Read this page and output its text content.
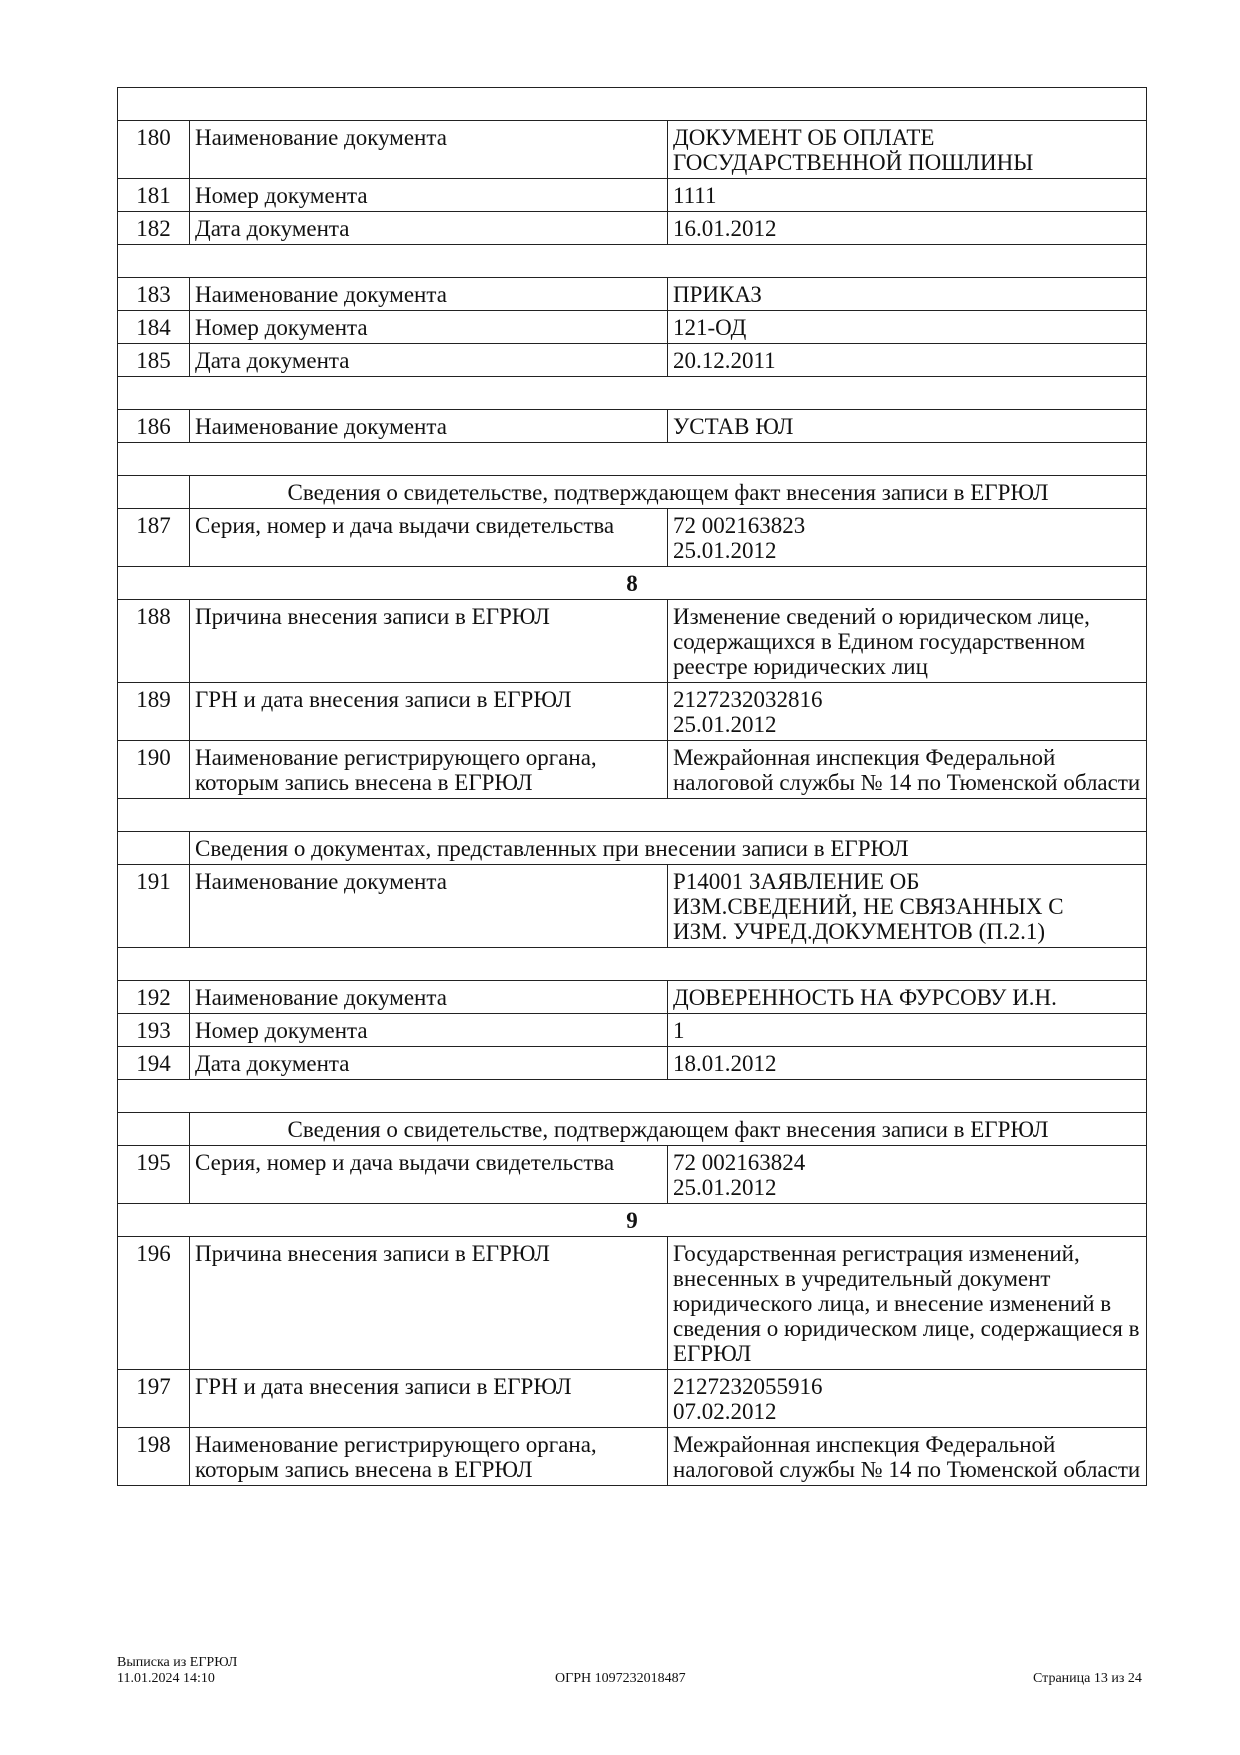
180	Наименование документа	ДОКУМЕНТ ОБ ОПЛАТЕ
ГОСУДАРСТВЕННОЙ ПОШЛИНЫ
181	Номер документа	1111
182	Дата документа	16.01.2012

183	Наименование документа	ПРИКАЗ
184	Номер документа	121-ОД
185	Дата документа	20.12.2011

186	Наименование документа	УСТАВ ЮЛ

	Сведения о свидетельстве, подтверждающем факт внесения записи в ЕГРЮЛ	
187	Серия, номер и дача выдачи свидетельства	72 002163823
25.01.2012
8		
188	Причина внесения записи в ЕГРЮЛ	Изменение сведений о юридическом лице, содержащихся в Едином государственном реестре юридических лиц
189	ГРН и дата внесения записи в ЕГРЮЛ	2127232032816
25.01.2012
190	Наименование регистрирующего органа, которым запись внесена в ЕГРЮЛ	Межрайонная инспекция Федеральной налоговой службы № 14 по Тюменской области

	Сведения о документах, представленных при внесении записи в ЕГРЮЛ	
191	Наименование документа	Р14001 ЗАЯВЛЕНИЕ ОБ
ИЗМ.СВЕДЕНИЙ, НЕ СВЯЗАННЫХ С
ИЗМ. УЧРЕД.ДОКУМЕНТОВ (П.2.1)

192	Наименование документа	ДОВЕРЕННОСТЬ НА ФУРСОВУ И.Н.
193	Номер документа	1
194	Дата документа	18.01.2012

	Сведения о свидетельстве, подтверждающем факт внесения записи в ЕГРЮЛ	
195	Серия, номер и дача выдачи свидетельства	72 002163824
25.01.2012
9		
196	Причина внесения записи в ЕГРЮЛ	Государственная регистрация изменений, внесенных в учредительный документ юридического лица, и внесение изменений в сведения о юридическом лице, содержащиеся в ЕГРЮЛ
197	ГРН и дата внесения записи в ЕГРЮЛ	2127232055916
07.02.2012
198	Наименование регистрирующего органа, которым запись внесена в ЕГРЮЛ	Межрайонная инспекция Федеральной налоговой службы № 14 по Тюменской области
Выписка из ЕГРЮЛ
11.01.2024 14:10	ОГРН 1097232018487	Страница 13 из 24
